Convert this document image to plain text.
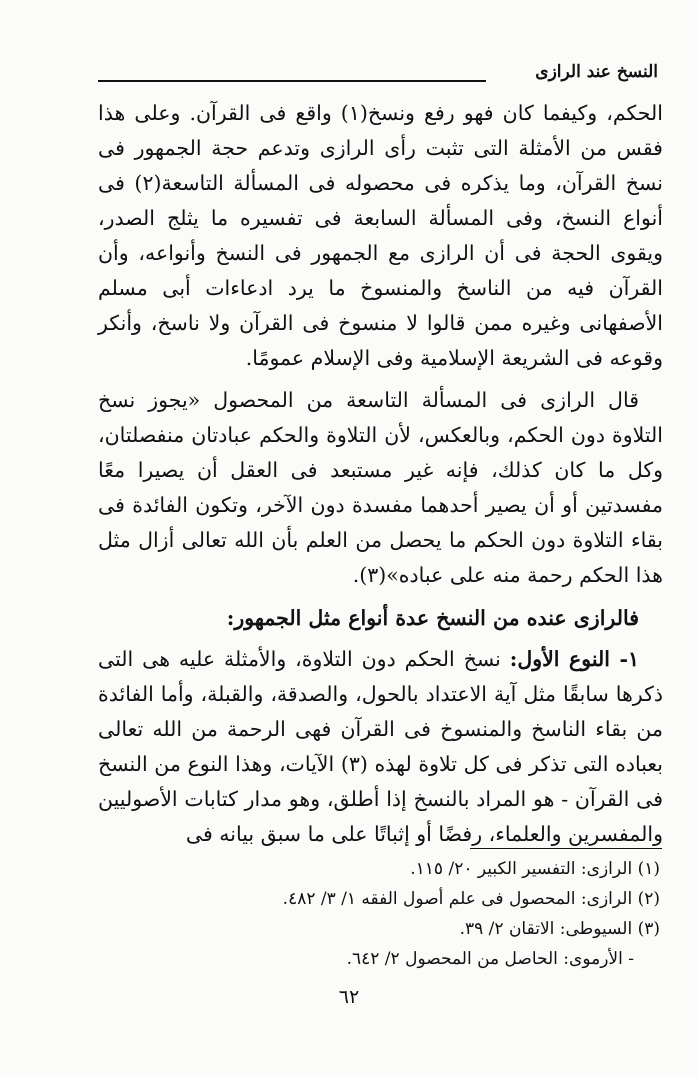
النسخ عند الرازى

الحكم، وكيفما كان فهو رفع ونسخ(١) واقع فى القرآن. وعلى هذا فقس من الأمثلة التى تثبت رأى الرازى وتدعم حجة الجمهور فى نسخ القرآن، وما يذكره فى محصوله فى المسألة التاسعة(٢) فى أنواع النسخ، وفى المسألة السابعة فى تفسيره ما يثلج الصدر، ويقوى الحجة فى أن الرازى مع الجمهور فى النسخ وأنواعه، وأن القرآن فيه من الناسخ والمنسوخ ما يرد ادعاءات أبى مسلم الأصفهانى وغيره ممن قالوا لا منسوخ فى القرآن ولا ناسخ، وأنكر وقوعه فى الشريعة الإسلامية وفى الإسلام عمومًا.

قال الرازى فى المسألة التاسعة من المحصول «يجوز نسخ التلاوة دون الحكم، وبالعكس، لأن التلاوة والحكم عبادتان منفصلتان، وكل ما كان كذلك، فإنه غير مستبعد فى العقل أن يصيرا معًا مفسدتين أو أن يصير أحدهما مفسدة دون الآخر، وتكون الفائدة فى بقاء التلاوة دون الحكم ما يحصل من العلم بأن الله تعالى أزال مثل هذا الحكم رحمة منه على عباده»(٣).

فالرازى عنده من النسخ عدة أنواع مثل الجمهور:

١- النوع الأول: نسخ الحكم دون التلاوة، والأمثلة عليه هى التى ذكرها سابقًا مثل آية الاعتداد بالحول، والصدقة، والقبلة، وأما الفائدة من بقاء الناسخ والمنسوخ فى القرآن فهى الرحمة من الله تعالى بعباده التى تذكر فى كل تلاوة لهذه (٣) الآيات، وهذا النوع من النسخ فى القرآن - هو المراد بالنسخ إذا أطلق، وهو مدار كتابات الأصوليين والمفسرين والعلماء، رفضًا أو إثباتًا على ما سبق بيانه فى

(١) الرازى: التفسير الكبير ٢٠/ ١١٥.

(٢) الرازى: المحصول فى علم أصول الفقه ١/ ٣/ ٤٨٢.

(٣) السيوطى: الاتقان ٢/ ٣٩.

- الأرموى: الحاصل من المحصول ٢/ ٦٤٢.

٦٢
